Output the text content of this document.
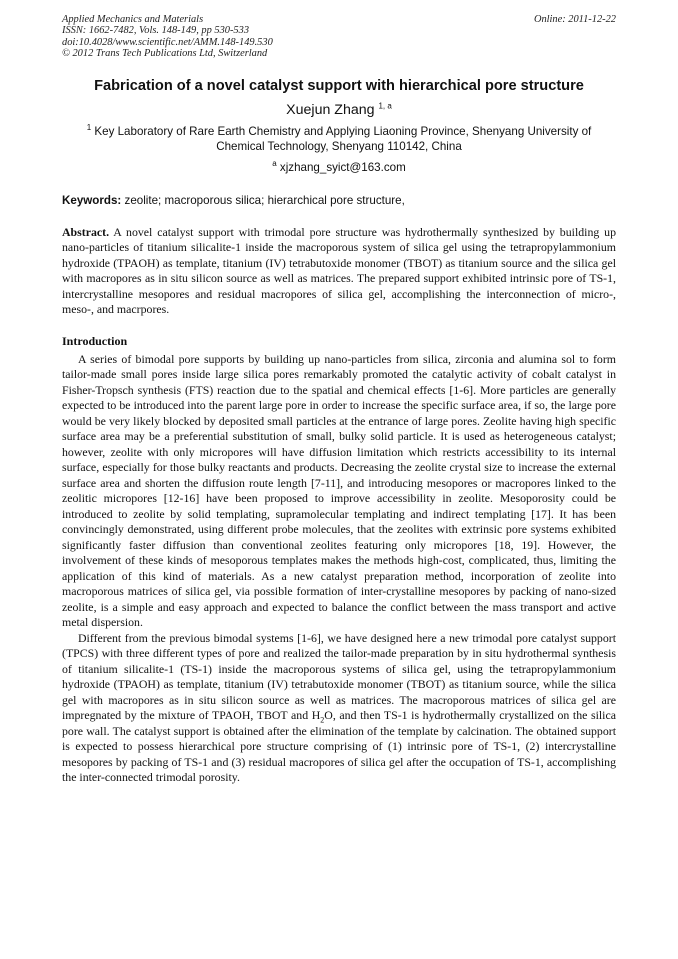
Applied Mechanics and Materials
ISSN: 1662-7482, Vols. 148-149, pp 530-533
doi:10.4028/www.scientific.net/AMM.148-149.530
© 2012 Trans Tech Publications Ltd, Switzerland
Online: 2011-12-22
Fabrication of a novel catalyst support with hierarchical pore structure
Xuejun Zhang $^{1, a}$
$^1$ Key Laboratory of Rare Earth Chemistry and Applying Liaoning Province, Shenyang University of Chemical Technology, Shenyang 110142, China
$^a$ xjzhang_syict@163.com
Keywords: zeolite; macroporous silica; hierarchical pore structure,
Abstract. A novel catalyst support with trimodal pore structure was hydrothermally synthesized by building up nano-particles of titanium silicalite-1 inside the macroporous system of silica gel using the tetrapropylammonium hydroxide (TPAOH) as template, titanium (IV) tetrabutoxide monomer (TBOT) as titanium source and the silica gel with macropores as in situ silicon source as well as matrices. The prepared support exhibited intrinsic pore of TS-1, intercrystalline mesopores and residual macropores of silica gel, accomplishing the interconnection of micro-, meso-, and macrpores.
Introduction

A series of bimodal pore supports by building up nano-particles from silica, zirconia and alumina sol to form tailor-made small pores inside large silica pores remarkably promoted the catalytic activity of cobalt catalyst in Fisher-Tropsch synthesis (FTS) reaction due to the spatial and chemical effects [1-6]. More particles are generally expected to be introduced into the parent large pore in order to increase the specific surface area, if so, the large pore would be very likely blocked by deposited small particles at the entrance of large pores. Zeolite having high specific surface area may be a preferential substitution of small, bulky solid particle. It is used as heterogeneous catalyst; however, zeolite with only micropores will have diffusion limitation which restricts accessibility to its internal surface, especially for those bulky reactants and products. Decreasing the zeolite crystal size to increase the external surface area and shorten the diffusion route length [7-11], and introducing mesopores or macropores linked to the zeolitic micropores [12-16] have been proposed to improve accessibility in zeolite. Mesoporosity could be introduced to zeolite by solid templating, supramolecular templating and indirect templating [17]. It has been convincingly demonstrated, using different probe molecules, that the zeolites with extrinsic pore systems exhibited significantly faster diffusion than conventional zeolites featuring only micropores [18, 19]. However, the involvement of these kinds of mesoporous templates makes the methods high-cost, complicated, thus, limiting the application of this kind of materials. As a new catalyst preparation method, incorporation of zeolite into macroporous matrices of silica gel, via possible formation of inter-crystalline mesopores by packing of nano-sized zeolite, is a simple and easy approach and expected to balance the conflict between the mass transport and active metal dispersion.

Different from the previous bimodal systems [1-6], we have designed here a new trimodal pore catalyst support (TPCS) with three different types of pore and realized the tailor-made preparation by in situ hydrothermal synthesis of titanium silicalite-1 (TS-1) inside the macroporous systems of silica gel, using the tetrapropylammonium hydroxide (TPAOH) as template, titanium (IV) tetrabutoxide monomer (TBOT) as titanium source, while the silica gel with macropores as in situ silicon source as well as matrices. The macroporous matrices of silica gel are impregnated by the mixture of TPAOH, TBOT and $H_2O$, and then TS-1 is hydrothermally crystallized on the silica pore wall. The catalyst support is obtained after the elimination of the template by calcination. The obtained support is expected to possess hierarchical pore structure comprising of (1) intrinsic pore of TS-1, (2) intercrystalline mesopores by packing of TS-1 and (3) residual macropores of silica gel after the occupation of TS-1, accomplishing the inter-connected trimodal porosity.
